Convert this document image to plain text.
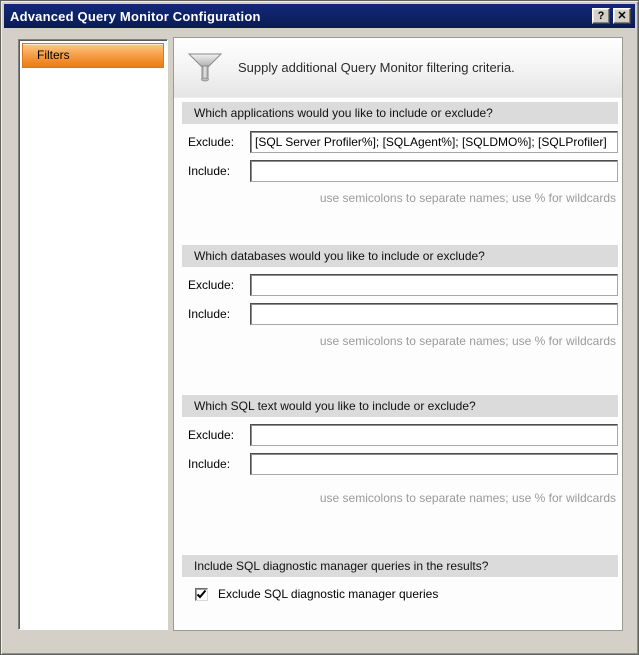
Advanced Query Monitor Configuration	?	✕
Filters
Supply additional Query Monitor filtering criteria.
Which applications would you like to include or exclude?
Exclude:
[SQL Server Profiler%]; [SQLAgent%]; [SQLDMO%]; [SQLProfiler]
Include:
use semicolons to separate names; use % for wildcards
Which databases would you like to include or exclude?
Exclude:
Include:
use semicolons to separate names; use % for wildcards
Which SQL text would you like to include or exclude?
Exclude:
Include:
use semicolons to separate names; use % for wildcards
Include SQL diagnostic manager queries in the results?
Exclude SQL diagnostic manager queries
